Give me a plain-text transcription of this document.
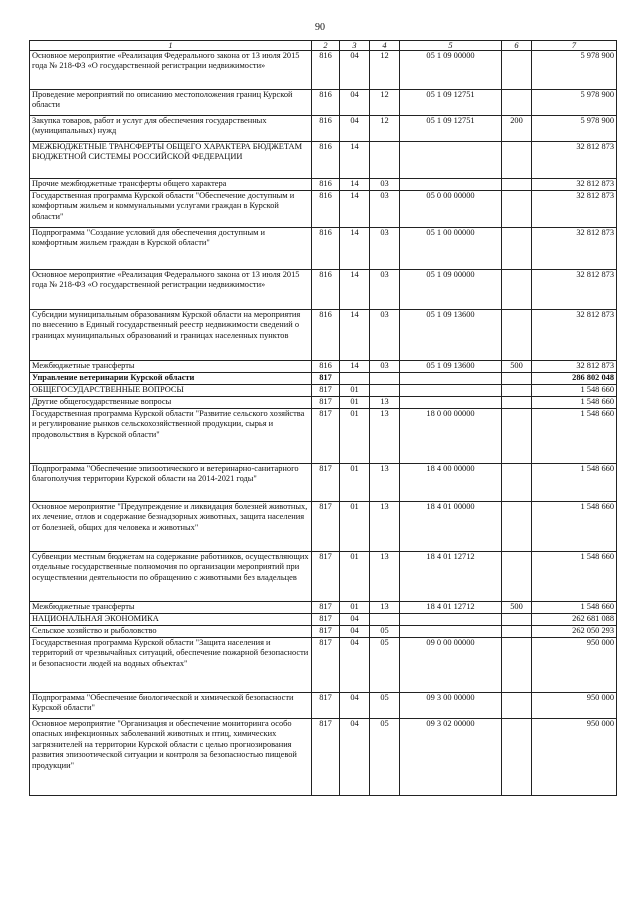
90
1	2	3	4	5	6	7
Основное мероприятие «Реализация Федерального закона от 13 июля 2015 года № 218-ФЗ «О государственной регистрации недвижимости»	816	04	12	05 1 09 00000		5 978 900
Проведение мероприятий по описанию местоположения границ Курской области	816	04	12	05 1 09 12751		5 978 900
Закупка товаров, работ и услуг для обеспечения государственных (муниципальных) нужд	816	04	12	05 1 09 12751	200	5 978 900
МЕЖБЮДЖЕТНЫЕ ТРАНСФЕРТЫ ОБЩЕГО ХАРАКТЕРА БЮДЖЕТАМ БЮДЖЕТНОЙ СИСТЕМЫ РОССИЙСКОЙ ФЕДЕРАЦИИ	816	14				32 812 873
Прочие межбюджетные трансферты общего характера	816	14	03			32 812 873
Государственная программа Курской области "Обеспечение доступным и комфортным жильем и коммунальными услугами граждан в Курской области"	816	14	03	05 0 00 00000		32 812 873
Подпрограмма "Создание условий для обеспечения доступным и комфортным жильем граждан в Курской области"	816	14	03	05 1 00 00000		32 812 873
Основное мероприятие «Реализация Федерального закона от 13 июля 2015 года № 218-ФЗ «О государственной регистрации недвижимости»	816	14	03	05 1 09 00000		32 812 873
Субсидии муниципальным образованиям Курской области на мероприятия по внесению в Единый государственный реестр недвижимости сведений о границах муниципальных образований и границах населенных пунктов	816	14	03	05 1 09 13600		32 812 873
Межбюджетные трансферты	816	14	03	05 1 09 13600	500	32 812 873
Управление ветеринарии Курской области	817					286 802 048
ОБЩЕГОСУДАРСТВЕННЫЕ ВОПРОСЫ	817	01				1 548 660
Другие общегосударственные вопросы	817	01	13			1 548 660
Государственная программа Курской области "Развитие сельского хозяйства и регулирование рынков сельскохозяйственной продукции, сырья и продовольствия в Курской области"	817	01	13	18 0 00 00000		1 548 660
Подпрограмма "Обеспечение эпизоотического и ветеринарно-санитарного благополучия территории Курской области на 2014-2021 годы"	817	01	13	18 4 00 00000		1 548 660
Основное мероприятие "Предупреждение и ликвидация болезней животных, их лечение, отлов и содержание безнадзорных животных, защита населения от болезней, общих для человека и животных"	817	01	13	18 4 01 00000		1 548 660
Субвенции местным бюджетам на содержание работников, осуществляющих отдельные государственные полномочия по организации мероприятий при осуществлении деятельности по обращению с животными без владельцев	817	01	13	18 4 01 12712		1 548 660
Межбюджетные трансферты	817	01	13	18 4 01 12712	500	1 548 660
НАЦИОНАЛЬНАЯ ЭКОНОМИКА	817	04				262 681 088
Сельское хозяйство и рыболовство	817	04	05			262 050 293
Государственная программа Курской области "Защита населения и территорий от чрезвычайных ситуаций, обеспечение пожарной безопасности и безопасности людей на водных объектах"	817	04	05	09 0 00 00000		950 000
Подпрограмма "Обеспечение биологической и химической безопасности Курской области"	817	04	05	09 3 00 00000		950 000
Основное мероприятие "Организация и обеспечение мониторинга особо опасных инфекционных заболеваний животных и птиц, химических загрязнителей на территории Курской области с целью прогнозирования развития эпизоотической ситуации и контроля за безопасностью пищевой продукции"	817	04	05	09 3 02 00000		950 000
